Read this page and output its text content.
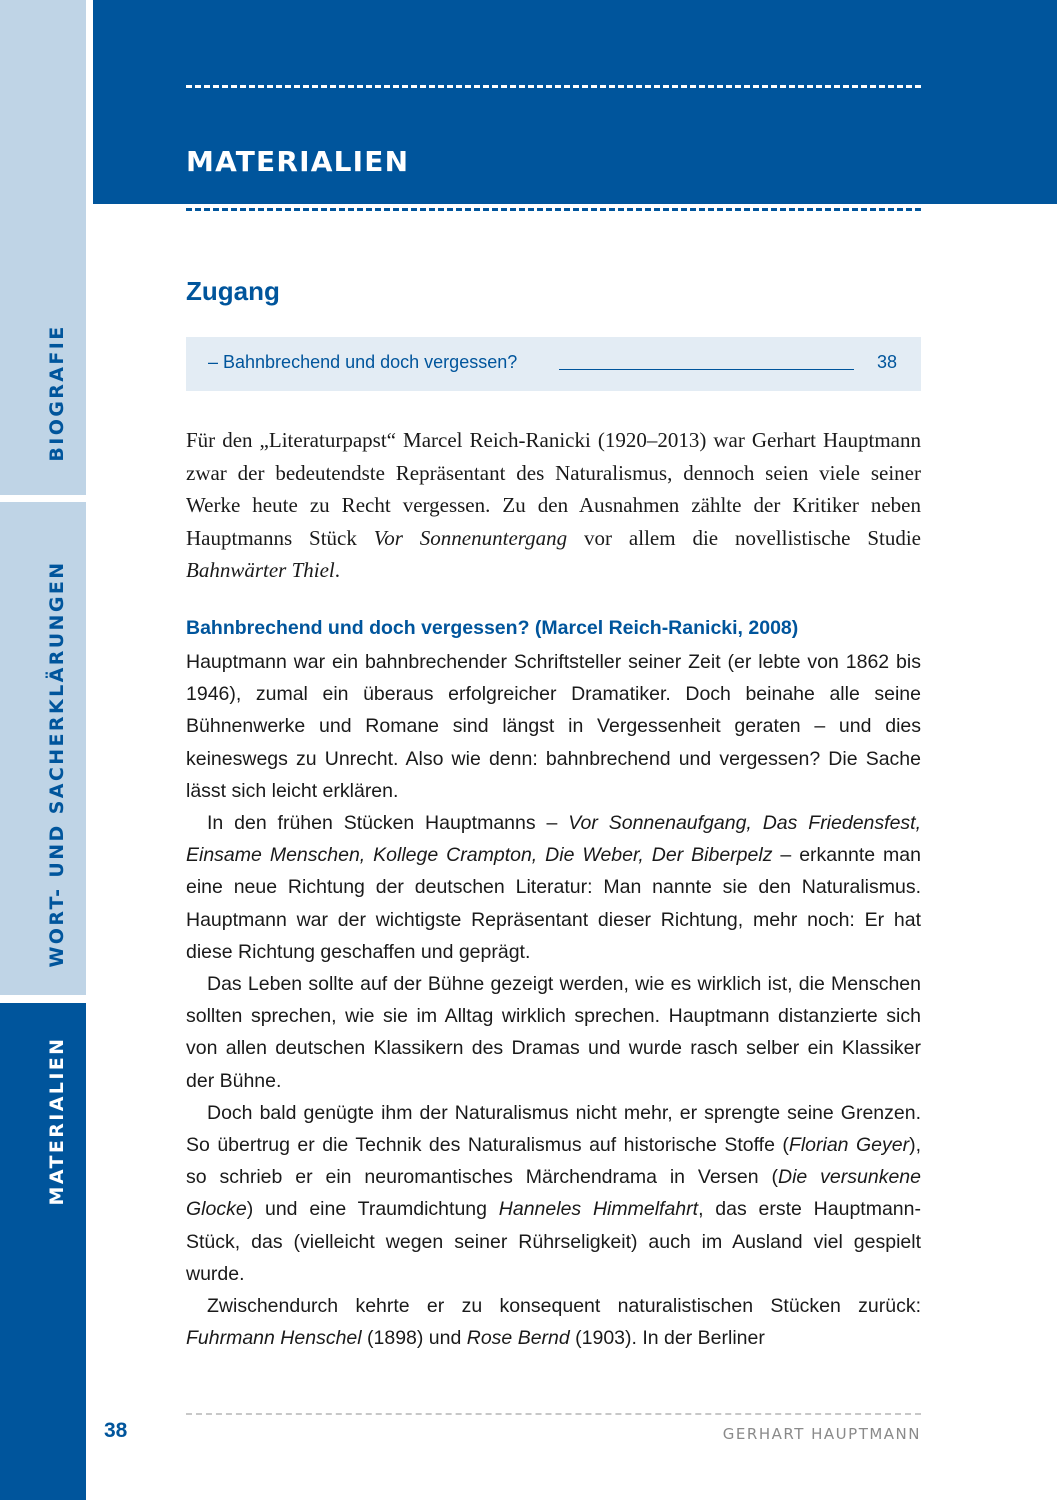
BIOGRAFIE
WORT- UND SACHERKLÄRUNGEN
MATERIALIEN
MATERIALIEN
Zugang
– Bahnbrechend und doch vergessen?	38
Für den „Literaturpapst“ Marcel Reich-Ranicki (1920–2013) war Gerhart Hauptmann zwar der bedeutendste Repräsentant des Naturalismus, dennoch seien viele seiner Werke heute zu Recht vergessen. Zu den Ausnahmen zählte der Kritiker neben Hauptmanns Stück Vor Sonnenuntergang vor allem die novellistische Studie Bahnwärter Thiel.
Bahnbrechend und doch vergessen? (Marcel Reich-Ranicki, 2008)

Hauptmann war ein bahnbrechender Schriftsteller seiner Zeit (er lebte von 1862 bis 1946), zumal ein überaus erfolgreicher Dramatiker. Doch beinahe alle seine Bühnenwerke und Romane sind längst in Vergessenheit geraten – und dies keineswegs zu Unrecht. Also wie denn: bahnbrechend und vergessen? Die Sache lässt sich leicht erklären.

In den frühen Stücken Hauptmanns – Vor Sonnenaufgang, Das Friedensfest, Einsame Menschen, Kollege Crampton, Die Weber, Der Biberpelz – erkannte man eine neue Richtung der deutschen Literatur: Man nannte sie den Naturalismus. Hauptmann war der wichtigste Repräsentant dieser Richtung, mehr noch: Er hat diese Richtung geschaffen und geprägt.

Das Leben sollte auf der Bühne gezeigt werden, wie es wirklich ist, die Menschen sollten sprechen, wie sie im Alltag wirklich sprechen. Hauptmann distanzierte sich von allen deutschen Klassikern des Dramas und wurde rasch selber ein Klassiker der Bühne.

Doch bald genügte ihm der Naturalismus nicht mehr, er sprengte seine Grenzen. So übertrug er die Technik des Naturalismus auf historische Stoffe (Florian Geyer), so schrieb er ein neuromantisches Märchendrama in Versen (Die versunkene Glocke) und eine Traumdichtung Hanneles Himmelfahrt, das erste Hauptmann-Stück, das (vielleicht wegen seiner Rührseligkeit) auch im Ausland viel gespielt wurde.

Zwischendurch kehrte er zu konsequent naturalistischen Stücken zurück: Fuhrmann Henschel (1898) und Rose Bernd (1903). In der Berliner

38	GERHART HAUPTMANN
